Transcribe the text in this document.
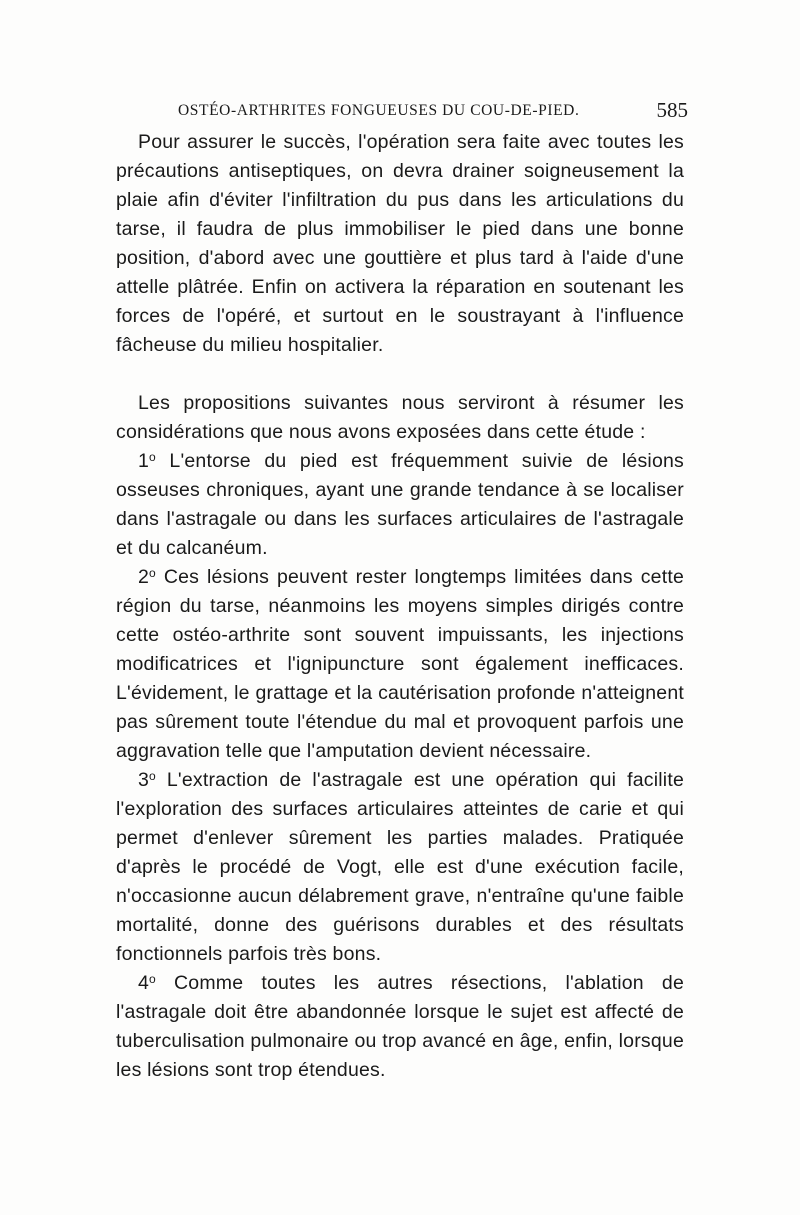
OSTÉO-ARTHRITES FONGUEUSES DU COU-DE-PIED.	585

Pour assurer le succès, l'opération sera faite avec toutes les précautions antiseptiques, on devra drainer soigneusement la plaie afin d'éviter l'infiltration du pus dans les articulations du tarse, il faudra de plus immobiliser le pied dans une bonne position, d'abord avec une gouttière et plus tard à l'aide d'une attelle plâtrée. Enfin on activera la réparation en soutenant les forces de l'opéré, et surtout en le soustrayant à l'influence fâcheuse du milieu hospitalier.

Les propositions suivantes nous serviront à résumer les considérations que nous avons exposées dans cette étude :

1$^o$ L'entorse du pied est fréquemment suivie de lésions osseuses chroniques, ayant une grande tendance à se localiser dans l'astragale ou dans les surfaces articulaires de l'astragale et du calcanéum.

2$^o$ Ces lésions peuvent rester longtemps limitées dans cette région du tarse, néanmoins les moyens simples dirigés contre cette ostéo-arthrite sont souvent impuissants, les injections modificatrices et l'ignipuncture sont également inefficaces. L'évidement, le grattage et la cautérisation profonde n'atteignent pas sûrement toute l'étendue du mal et provoquent parfois une aggravation telle que l'amputation devient nécessaire.

3$^o$ L'extraction de l'astragale est une opération qui facilite l'exploration des surfaces articulaires atteintes de carie et qui permet d'enlever sûrement les parties malades. Pratiquée d'après le procédé de Vogt, elle est d'une exécution facile, n'occasionne aucun délabrement grave, n'entraîne qu'une faible mortalité, donne des guérisons durables et des résultats fonctionnels parfois très bons.

4$^o$ Comme toutes les autres résections, l'ablation de l'astragale doit être abandonnée lorsque le sujet est affecté de tuberculisation pulmonaire ou trop avancé en âge, enfin, lorsque les lésions sont trop étendues.
